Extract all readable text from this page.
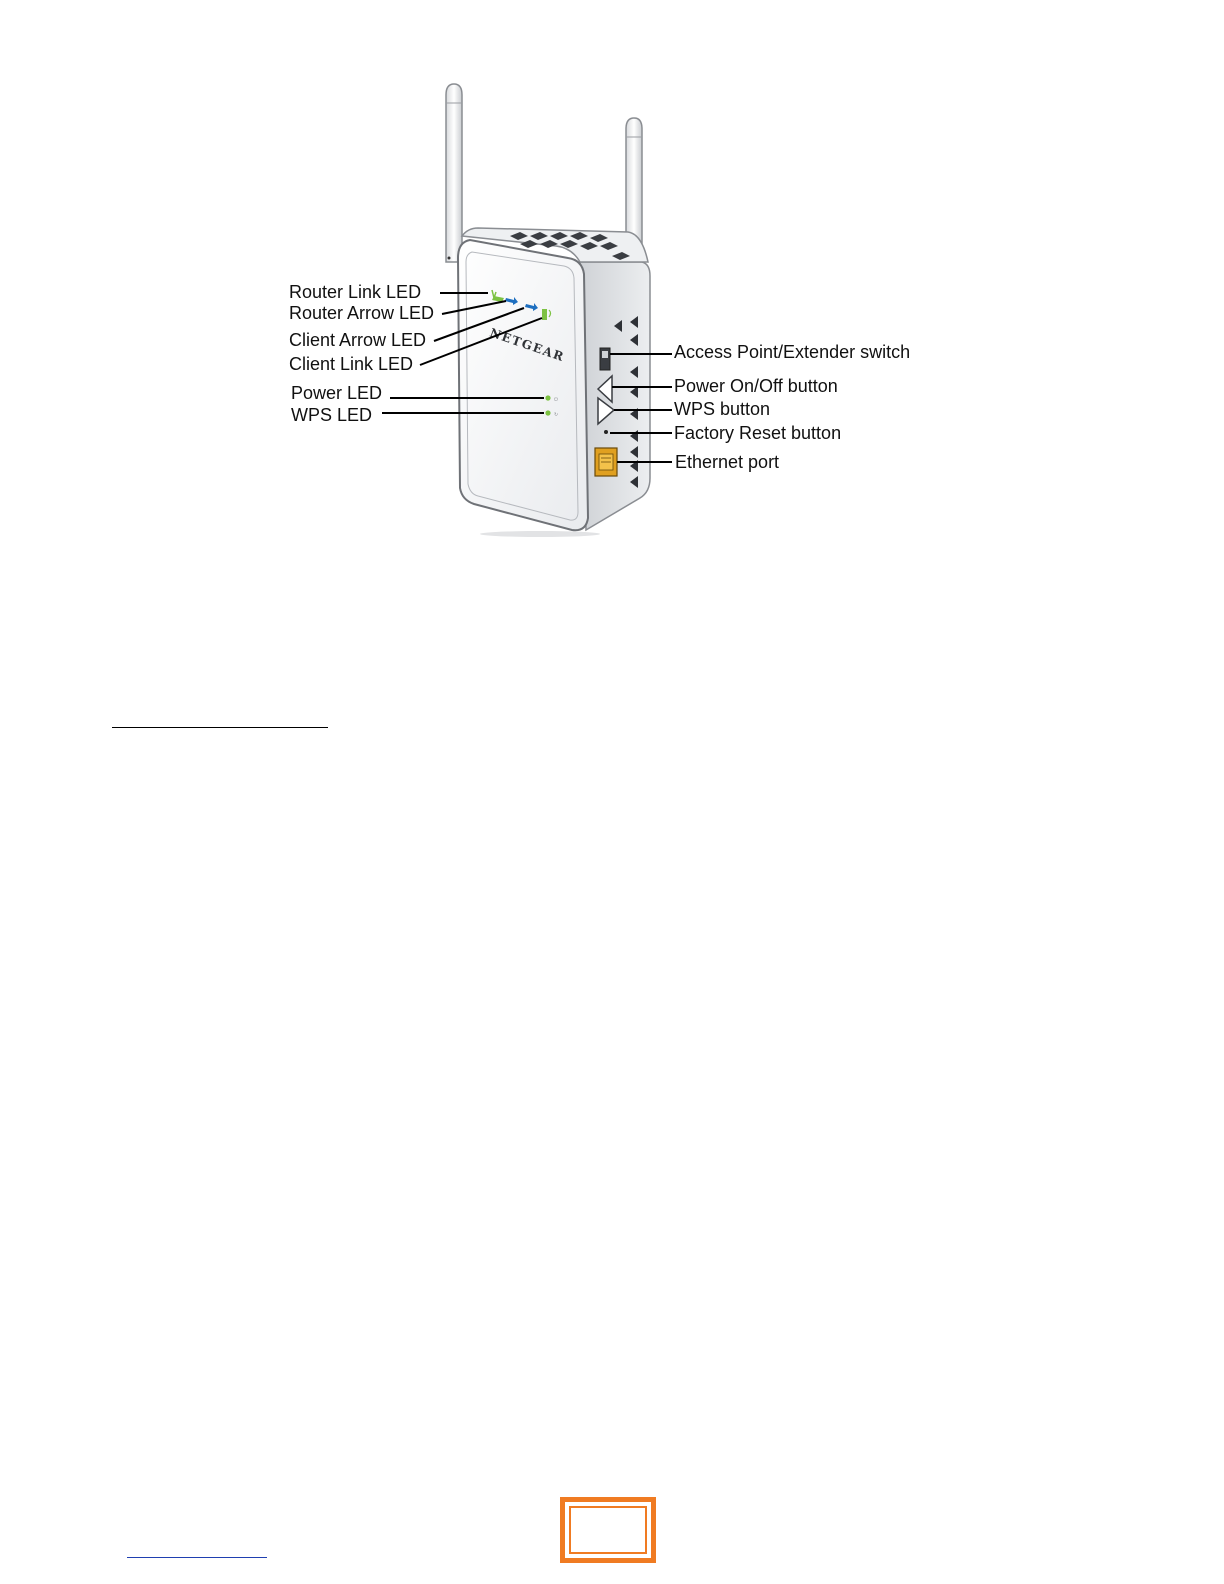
NETGEAR
⏻
↻
Router Link LED
Router Arrow LED
Client Arrow LED
Client Link LED
Power LED
WPS LED
Access Point/Extender switch
Power On/Off button
WPS button
Factory Reset button
Ethernet port
